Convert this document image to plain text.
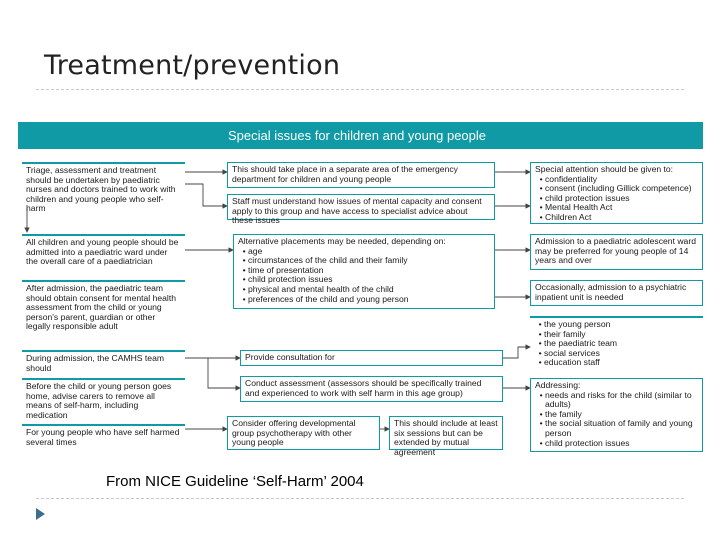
Treatment/prevention
Special issues for children and young people
Triage, assessment and treatment should be undertaken by paediatric nurses and doctors trained to work with children and young people who self-harm
All children and young people should be admitted into a paediatric ward under the overall care of a paediatrician
After admission, the paediatric team should obtain consent for mental health assessment from the child or young person's parent, guardian or other legally responsible adult
During admission, the CAMHS team should
Before the child or young person goes home, advise carers to remove all means of self-harm, including medication
For young people who have self harmed several times
This should take place in a separate area of the emergency department for children and young people
Staff must understand how issues of mental capacity and consent apply to this group and have access to specialist advice about these issues
Alternative placements may be needed, depending on:
• age
• circumstances of the child and their family
• time of presentation
• child protection issues
• physical and mental health of the child
• preferences of the child and young person
Provide consultation for
Conduct assessment (assessors should be specifically trained and experienced to work with self harm in this age group)
Consider offering developmental group psychotherapy with other young people
This should include at least six sessions but can be extended by mutual agreement
Special attention should be given to:
• confidentiality
• consent (including Gillick competence)
• child protection issues
• Mental Health Act
• Children Act
Admission to a paediatric adolescent ward may be preferred for young people of 14 years and over
Occasionally, admission to a psychiatric inpatient unit is needed
• the young person
• their family
• the paediatric team
• social services
• education staff
Addressing:
• needs and risks for the child (similar to adults)
• the family
• the social situation of family and young person
• child protection issues
From NICE Guideline ‘Self-Harm’ 2004
